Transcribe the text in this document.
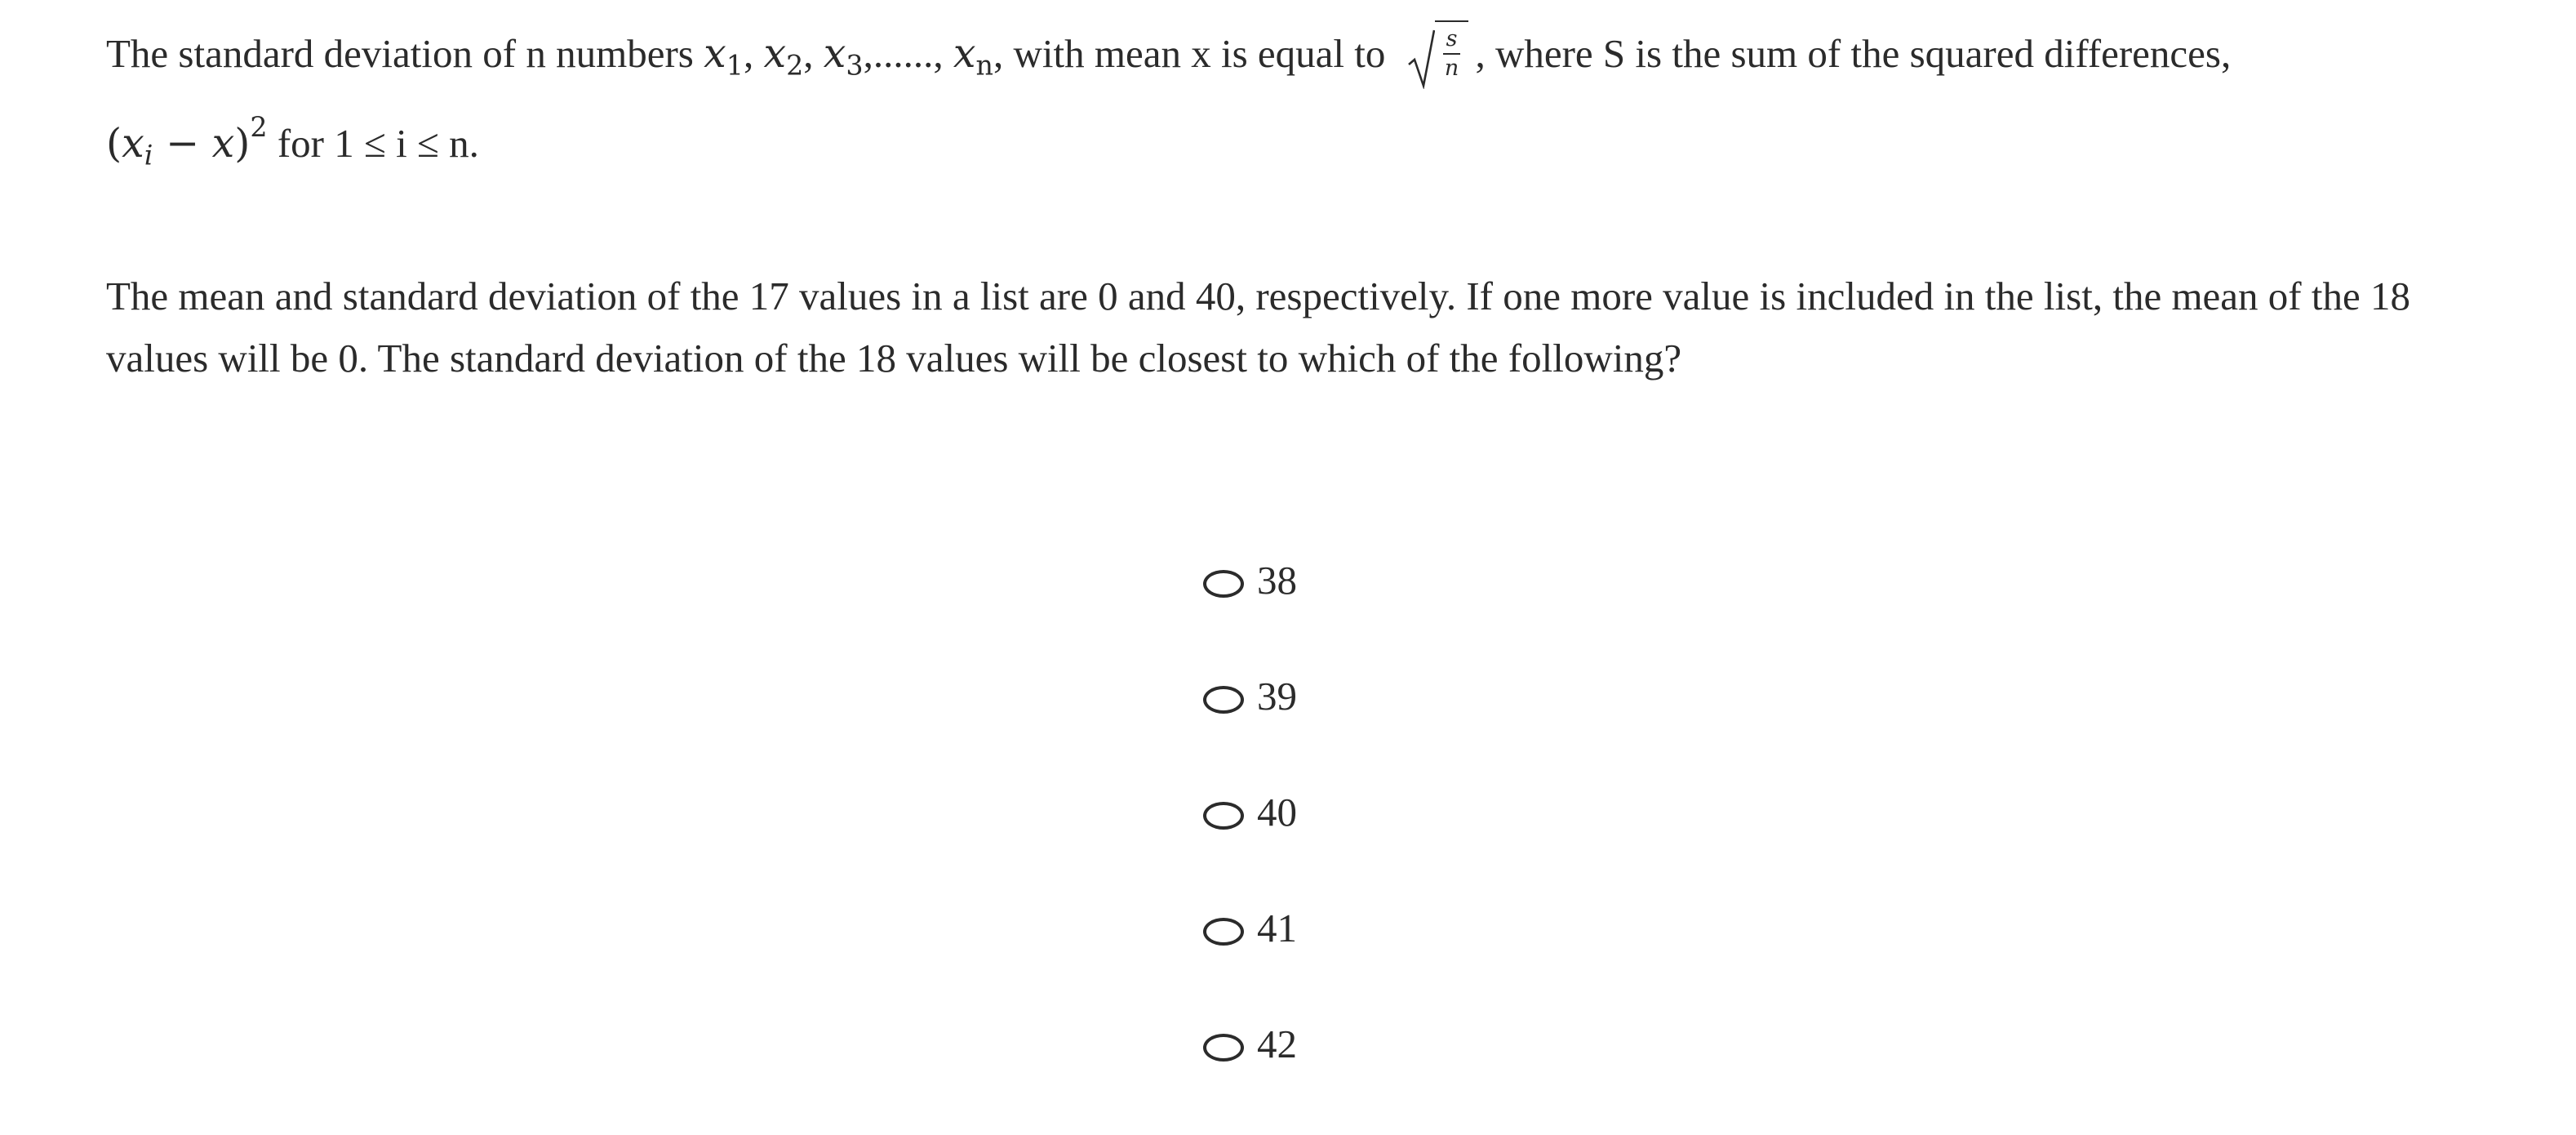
The standard deviation of n numbers $x_1$, $x_2$, $x_3$,......, $x_n$, with mean x is equal to $\frac{s}{n}$ , where S is the sum of the squared differences,
$(x_i - x)^2$ for 1 ≤ i ≤ n.

The mean and standard deviation of the 17 values in a list are 0 and 40, respectively. If one more value is included in the list, the mean of the 18 values will be 0. The standard deviation of the 18 values will be closest to which of the following?

38
39
40
41
42
